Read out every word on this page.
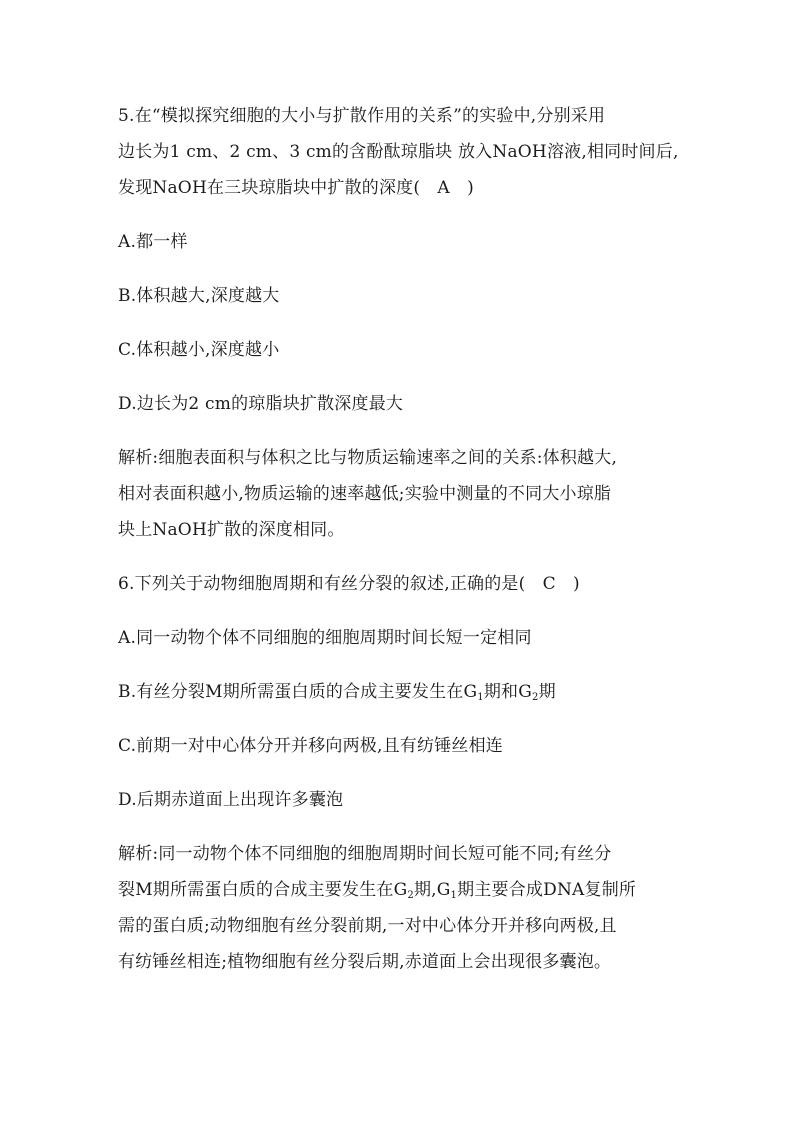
5.在“模拟探究细胞的大小与扩散作用的关系”的实验中,分别采用
边长为1 cm、2 cm、3 cm的含酚酞琼脂块 放入NaOH溶液,相同时间后,
发现NaOH在三块琼脂块中扩散的深度(　A　)
A.都一样
B.体积越大,深度越大
C.体积越小,深度越小
D.边长为2 cm的琼脂块扩散深度最大
解析:细胞表面积与体积之比与物质运输速率之间的关系:体积越大,
相对表面积越小,物质运输的速率越低;实验中测量的不同大小琼脂
块上NaOH扩散的深度相同。
6.下列关于动物细胞周期和有丝分裂的叙述,正确的是(　C　)
A.同一动物个体不同细胞的细胞周期时间长短一定相同
B.有丝分裂M期所需蛋白质的合成主要发生在$G_1$期和$G_2$期
C.前期一对中心体分开并移向两极,且有纺锤丝相连
D.后期赤道面上出现许多囊泡
解析:同一动物个体不同细胞的细胞周期时间长短可能不同;有丝分
裂M期所需蛋白质的合成主要发生在$G_2$期$,G_1$期主要合成DNA复制所
需的蛋白质;动物细胞有丝分裂前期,一对中心体分开并移向两极,且
有纺锤丝相连;植物细胞有丝分裂后期,赤道面上会出现很多囊泡。
